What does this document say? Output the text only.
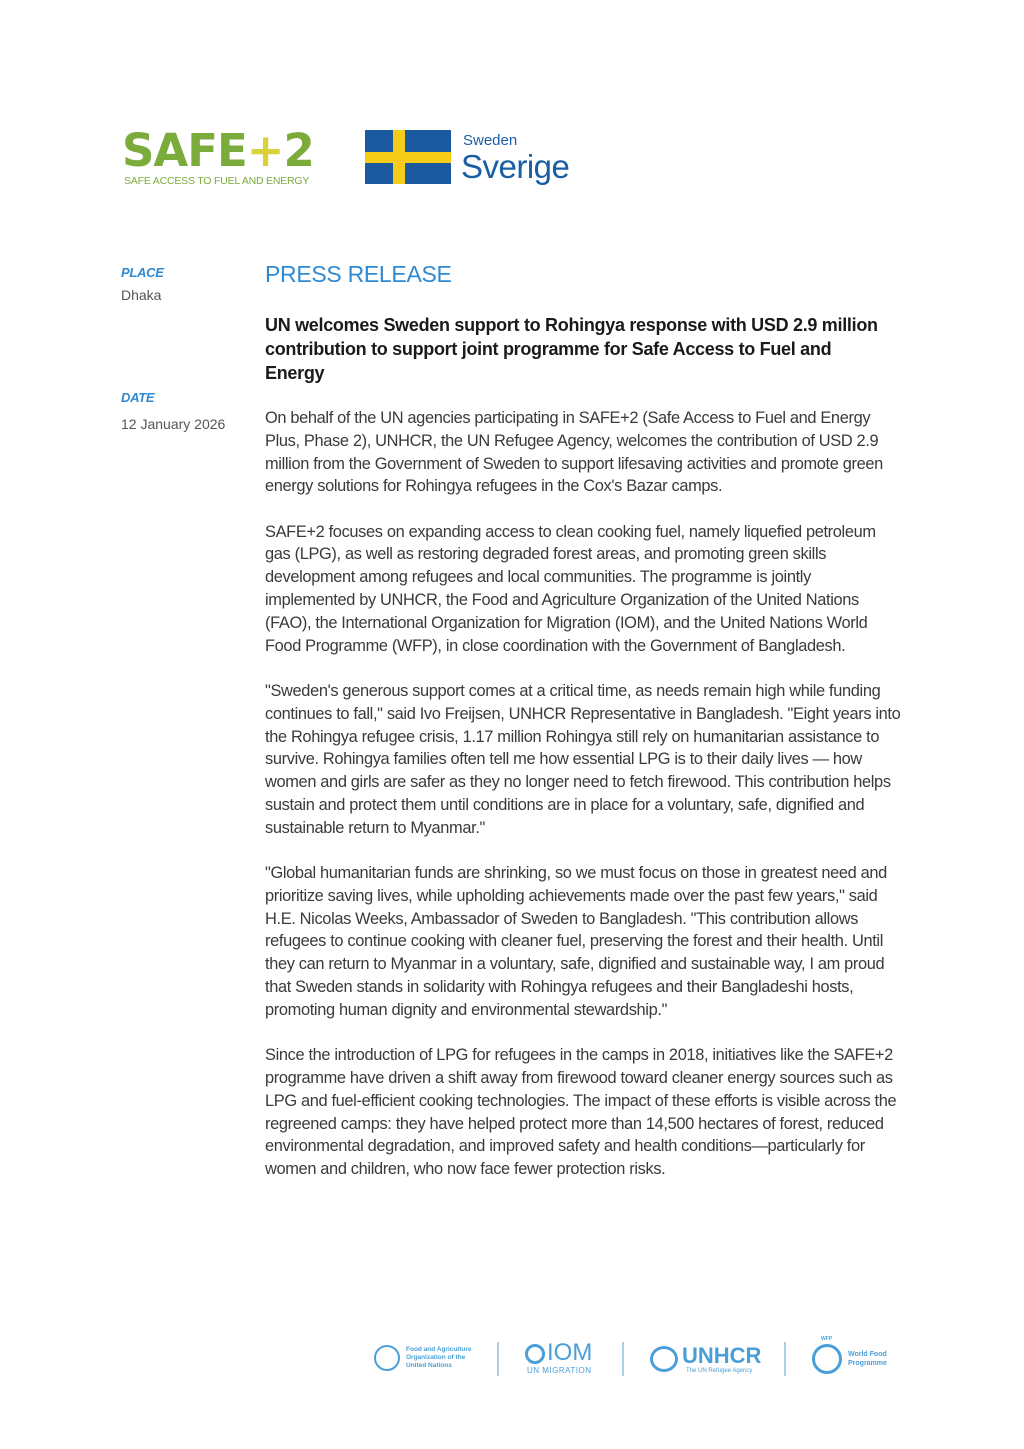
SAFE+2
SAFE ACCESS TO FUEL AND ENERGY
Sweden
Sverige
PLACE
Dhaka
DATE
12 January 2026
PRESS RELEASE
UN welcomes Sweden support to Rohingya response with USD 2.9 million contribution to support joint programme for Safe Access to Fuel and Energy

On behalf of the UN agencies participating in SAFE+2 (Safe Access to Fuel and Energy Plus, Phase 2), UNHCR, the UN Refugee Agency, welcomes the contribution of USD 2.9 million from the Government of Sweden to support lifesaving activities and promote green energy solutions for Rohingya refugees in the Cox's Bazar camps.

SAFE+2 focuses on expanding access to clean cooking fuel, namely liquefied petroleum gas (LPG), as well as restoring degraded forest areas, and promoting green skills development among refugees and local communities. The programme is jointly implemented by UNHCR, the Food and Agriculture Organization of the United Nations (FAO), the International Organization for Migration (IOM), and the United Nations World Food Programme (WFP), in close coordination with the Government of Bangladesh.

"Sweden's generous support comes at a critical time, as needs remain high while funding continues to fall," said Ivo Freijsen, UNHCR Representative in Bangladesh. "Eight years into the Rohingya refugee crisis, 1.17 million Rohingya still rely on humanitarian assistance to survive. Rohingya families often tell me how essential LPG is to their daily lives — how women and girls are safer as they no longer need to fetch firewood. This contribution helps sustain and protect them until conditions are in place for a voluntary, safe, dignified and sustainable return to Myanmar."

"Global humanitarian funds are shrinking, so we must focus on those in greatest need and prioritize saving lives, while upholding achievements made over the past few years," said H.E. Nicolas Weeks, Ambassador of Sweden to Bangladesh. "This contribution allows refugees to continue cooking with cleaner fuel, preserving the forest and their health. Until they can return to Myanmar in a voluntary, safe, dignified and sustainable way, I am proud that Sweden stands in solidarity with Rohingya refugees and their Bangladeshi hosts, promoting human dignity and environmental stewardship."

Since the introduction of LPG for refugees in the camps in 2018, initiatives like the SAFE+2 programme have driven a shift away from firewood toward cleaner energy sources such as LPG and fuel-efficient cooking technologies. The impact of these efforts is visible across the regreened camps: they have helped protect more than 14,500 hectares of forest, reduced environmental degradation, and improved safety and health conditions—particularly for women and children, who now face fewer protection risks.

Food and Agriculture
Organization of the
United Nations	IOM
UN MIGRATION
UNHCR
The UN Refugee Agency
WFP
World Food
Programme
